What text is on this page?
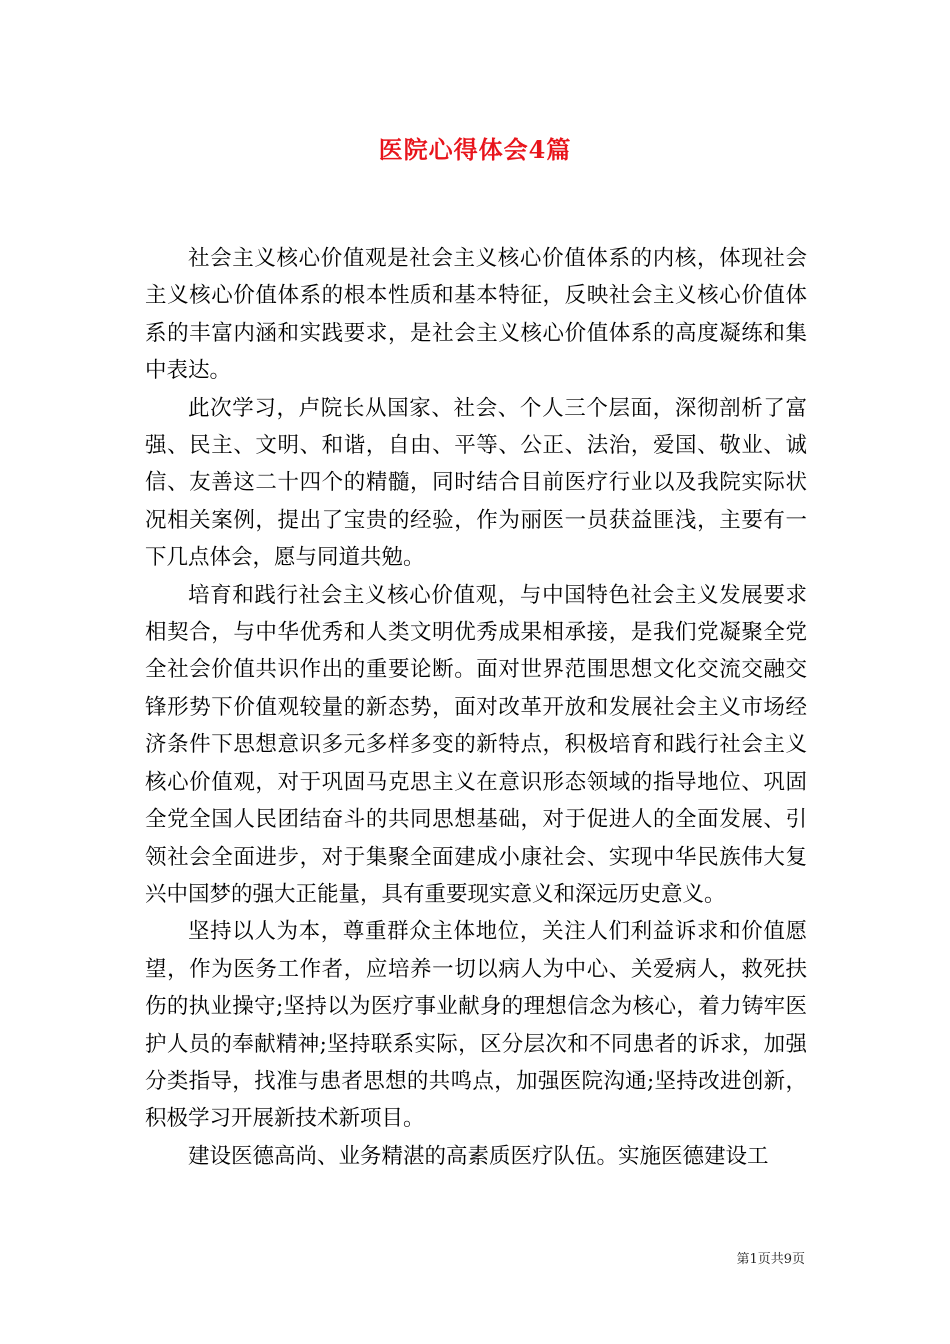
医院心得体会4篇

社会主义核心价值观是社会主义核心价值体系的内核，体现社会主义核心价值体系的根本性质和基本特征，反映社会主义核心价值体系的丰富内涵和实践要求，是社会主义核心价值体系的高度凝练和集中表达。

此次学习，卢院长从国家、社会、个人三个层面，深彻剖析了富强、民主、文明、和谐，自由、平等、公正、法治，爱国、敬业、诚信、友善这二十四个的精髓，同时结合目前医疗行业以及我院实际状况相关案例，提出了宝贵的经验，作为丽医一员获益匪浅，主要有一下几点体会，愿与同道共勉。

培育和践行社会主义核心价值观，与中国特色社会主义发展要求相契合，与中华优秀和人类文明优秀成果相承接，是我们党凝聚全党全社会价值共识作出的重要论断。面对世界范围思想文化交流交融交锋形势下价值观较量的新态势，面对改革开放和发展社会主义市场经济条件下思想意识多元多样多变的新特点，积极培育和践行社会主义核心价值观，对于巩固马克思主义在意识形态领域的指导地位、巩固全党全国人民团结奋斗的共同思想基础，对于促进人的全面发展、引领社会全面进步，对于集聚全面建成小康社会、实现中华民族伟大复兴中国梦的强大正能量，具有重要现实意义和深远历史意义。

坚持以人为本，尊重群众主体地位，关注人们利益诉求和价值愿望，作为医务工作者，应培养一切以病人为中心、关爱病人，救死扶伤的执业操守;坚持以为医疗事业献身的理想信念为核心，着力铸牢医护人员的奉献精神;坚持联系实际，区分层次和不同患者的诉求，加强分类指导，找准与患者思想的共鸣点，加强医院沟通;坚持改进创新，积极学习开展新技术新项目。

建设医德高尚、业务精湛的高素质医疗队伍。实施医德建设工

第1页共9页
